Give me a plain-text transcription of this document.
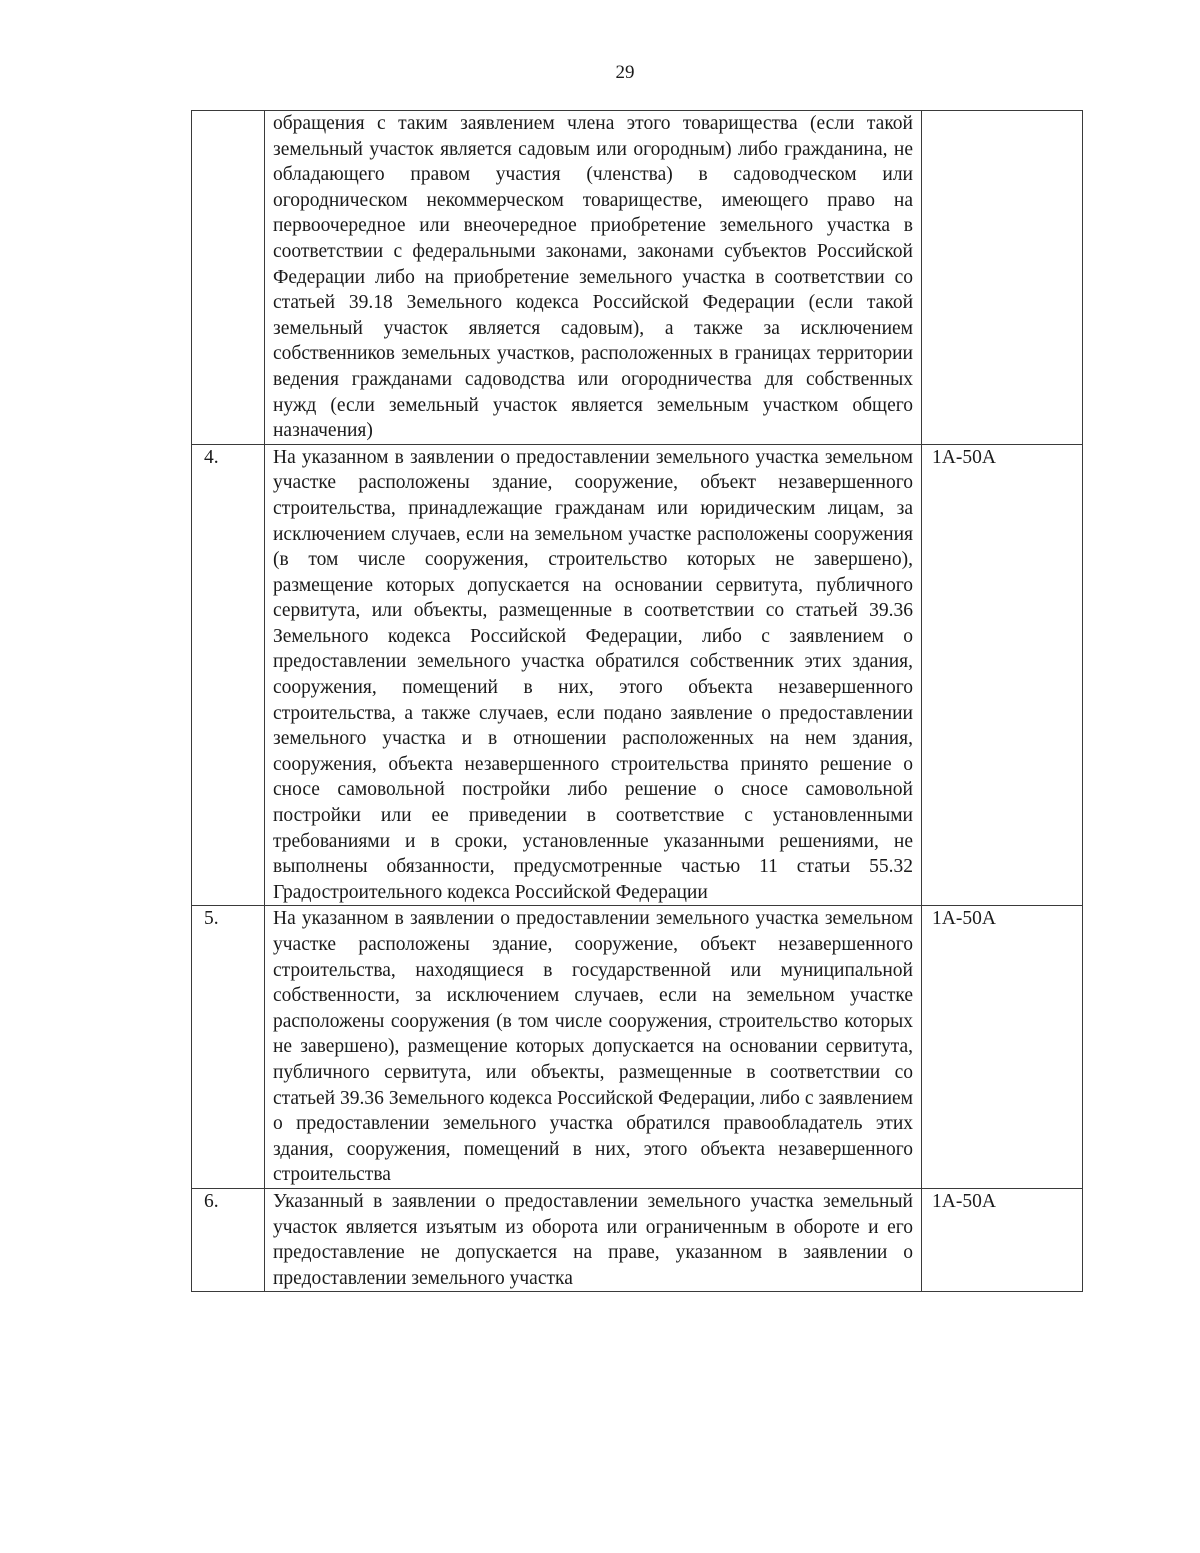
29
	обращения с таким заявлением члена этого товарищества (если такой земельный участок является садовым или огородным) либо гражданина, не обладающего правом участия (членства) в садоводческом или огородническом некоммерческом товариществе, имеющего право на первоочередное или внеочередное приобретение земельного участка в соответствии с федеральными законами, законами субъектов Российской Федерации либо на приобретение земельного участка в соответствии со статьей 39.18 Земельного кодекса Российской Федерации (если такой земельный участок является садовым), а также за исключением собственников земельных участков, расположенных в границах территории ведения гражданами садоводства или огородничества для собственных нужд (если земельный участок является земельным участком общего назначения)	
4.	На указанном в заявлении о предоставлении земельного участка земельном участке расположены здание, сооружение, объект незавершенного строительства, принадлежащие гражданам или юридическим лицам, за исключением случаев, если на земельном участке расположены сооружения (в том числе сооружения, строительство которых не завершено), размещение которых допускается на основании сервитута, публичного сервитута, или объекты, размещенные в соответствии со статьей 39.36 Земельного кодекса Российской Федерации, либо с заявлением о предоставлении земельного участка обратился собственник этих здания, сооружения, помещений в них, этого объекта незавершенного строительства, а также случаев, если подано заявление о предоставлении земельного участка и в отношении расположенных на нем здания, сооружения, объекта незавершенного строительства принято решение о сносе самовольной постройки либо решение о сносе самовольной постройки или ее приведении в соответствие с установленными требованиями и в сроки, установленные указанными решениями, не выполнены обязанности, предусмотренные частью 11 статьи 55.32 Градостроительного кодекса Российской Федерации	1А-50А
5.	На указанном в заявлении о предоставлении земельного участка земельном участке расположены здание, сооружение, объект незавершенного строительства, находящиеся в государственной или муниципальной собственности, за исключением случаев, если на земельном участке расположены сооружения (в том числе сооружения, строительство которых не завершено), размещение которых допускается на основании сервитута, публичного сервитута, или объекты, размещенные в соответствии со статьей 39.36 Земельного кодекса Российской Федерации, либо с заявлением о предоставлении земельного участка обратился правообладатель этих здания, сооружения, помещений в них, этого объекта незавершенного строительства	1А-50А
6.	Указанный в заявлении о предоставлении земельного участка земельный участок является изъятым из оборота или ограниченным в обороте и его предоставление не допускается на праве, указанном в заявлении о предоставлении земельного участка	1А-50А
